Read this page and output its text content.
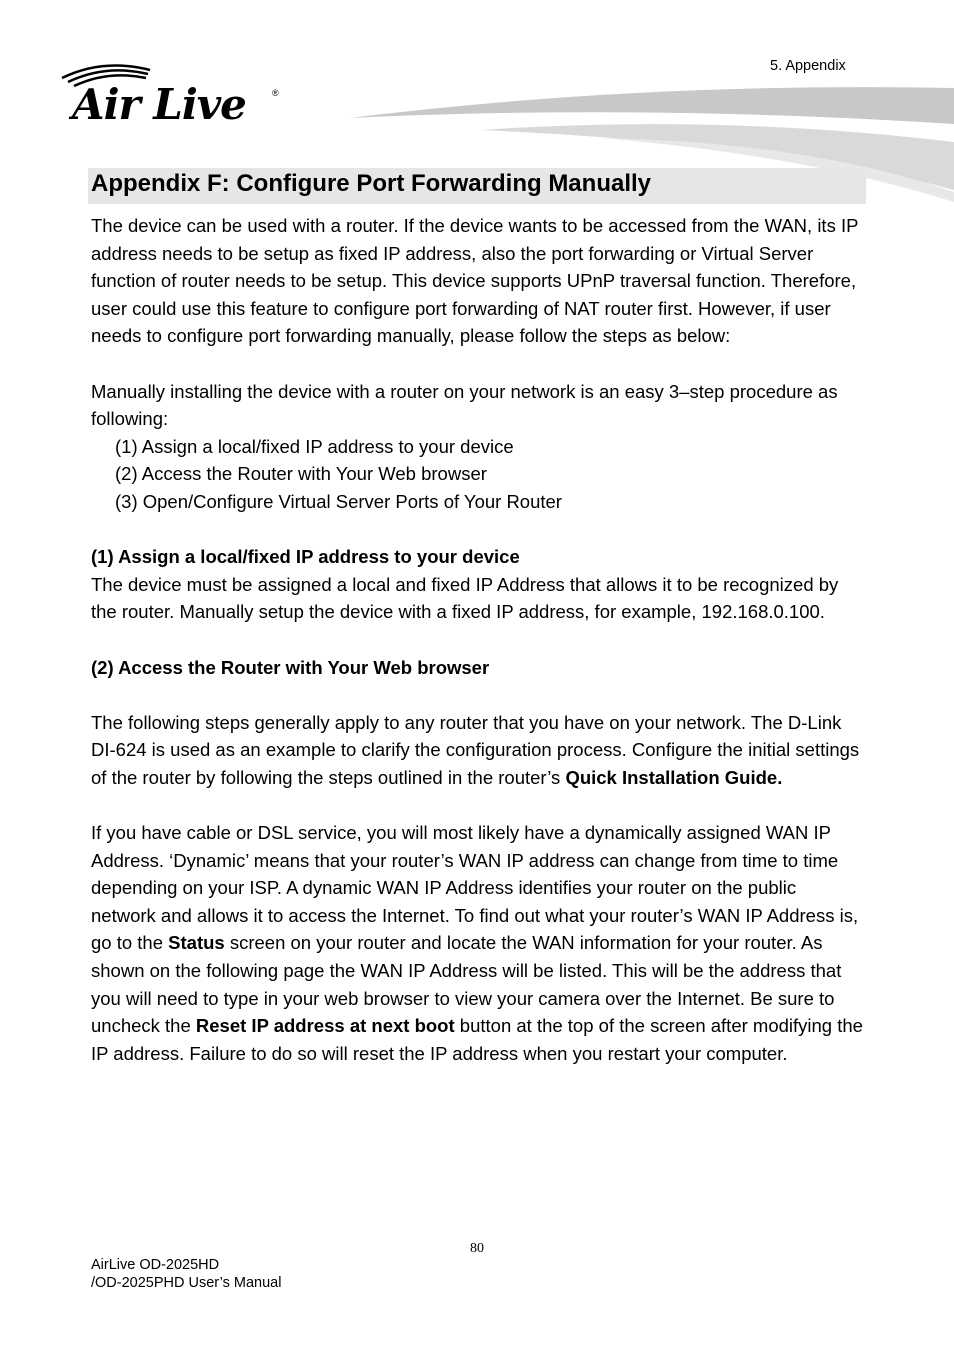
5. Appendix
Air Live	®
Appendix F: Configure Port Forwarding Manually

The device can be used with a router. If the device wants to be accessed from the WAN, its IP address needs to be setup as fixed IP address, also the port forwarding or Virtual Server function of router needs to be setup. This device supports UPnP traversal function. Therefore, user could use this feature to configure port forwarding of NAT router first. However, if user needs to configure port forwarding manually, please follow the steps as below:

Manually installing the device with a router on your network is an easy 3–step procedure as following:

(1) Assign a local/fixed IP address to your device

(2) Access the Router with Your Web browser

(3) Open/Configure Virtual Server Ports of Your Router

(1) Assign a local/fixed IP address to your device

The device must be assigned a local and fixed IP Address that allows it to be recognized by the router. Manually setup the device with a fixed IP address, for example, 192.168.0.100.

(2) Access the Router with Your Web browser

The following steps generally apply to any router that you have on your network. The D-Link DI-624 is used as an example to clarify the configuration process. Configure the initial settings of the router by following the steps outlined in the router’s Quick Installation Guide.

If you have cable or DSL service, you will most likely have a dynamically assigned WAN IP Address. ‘Dynamic’ means that your router’s WAN IP address can change from time to time depending on your ISP. A dynamic WAN IP Address identifies your router on the public network and allows it to access the Internet. To find out what your router’s WAN IP Address is, go to the Status screen on your router and locate the WAN information for your router. As shown on the following page the WAN IP Address will be listed. This will be the address that you will need to type in your web browser to view your camera over the Internet. Be sure to uncheck the Reset IP address at next boot button at the top of the screen after modifying the IP address. Failure to do so will reset the IP address when you restart your computer.

80
AirLive OD-2025HD
/OD-2025PHD User’s Manual
